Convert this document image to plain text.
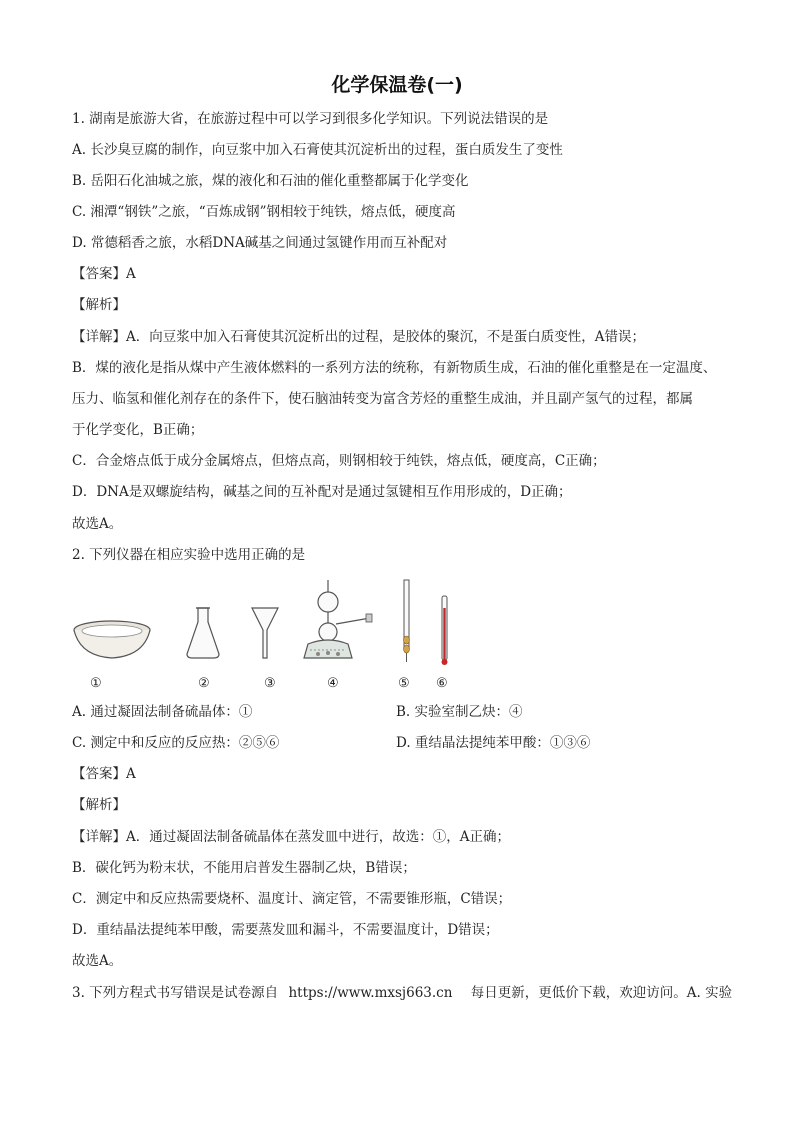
化学保温卷(一)
1. 湖南是旅游大省，在旅游过程中可以学习到很多化学知识。下列说法错误的是
A. 长沙臭豆腐的制作，向豆浆中加入石膏使其沉淀析出的过程，蛋白质发生了变性
B. 岳阳石化油城之旅，煤的液化和石油的催化重整都属于化学变化
C. 湘潭“钢铁”之旅，“百炼成钢”钢相较于纯铁，熔点低，硬度高
D. 常德稻香之旅，水稻DNA碱基之间通过氢键作用而互补配对
【答案】A
【解析】
【详解】A．向豆浆中加入石膏使其沉淀析出的过程，是胶体的聚沉，不是蛋白质变性，A错误；
B．煤的液化是指从煤中产生液体燃料的一系列方法的统称，有新物质生成，石油的催化重整是在一定温度、
压力、临氢和催化剂存在的条件下，使石脑油转变为富含芳烃的重整生成油，并且副产氢气的过程，都属
于化学变化，B正确；
C．合金熔点低于成分金属熔点，但熔点高，则钢相较于纯铁，熔点低，硬度高，C正确；
D．DNA是双螺旋结构，碱基之间的互补配对是通过氢键相互作用形成的，D正确；
故选A。
2. 下列仪器在相应实验中选用正确的是
①	②	③	④	⑤ ⑥
A. 通过凝固法制备硫晶体：①	B. 实验室制乙炔：④
C. 测定中和反应的反应热：②⑤⑥	D. 重结晶法提纯苯甲酸：①③⑥
【答案】A
【解析】
【详解】A．通过凝固法制备硫晶体在蒸发皿中进行，故选：①，A正确；
B．碳化钙为粉末状，不能用启普发生器制乙炔，B错误；
C．测定中和反应热需要烧杯、温度计、滴定管，不需要锥形瓶，C错误；
D．重结晶法提纯苯甲酸，需要蒸发皿和漏斗，不需要温度计，D错误；
故选A。
3. 下列方程式书写错误是试卷源自 https://www.mxsj663.cn 每日更新，更低价下载，欢迎访问。A. 实验
